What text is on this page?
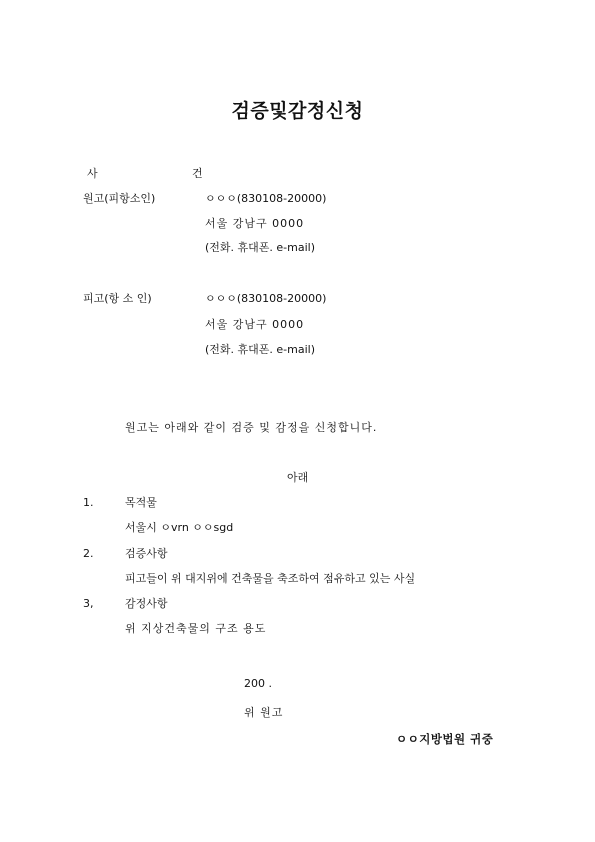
검증및감정신청
사	건
원고(피항소인)	ㅇㅇㅇ(830108-20000)
서울 강남구 0000
(전화. 휴대폰. e-mail)
피고(항 소 인)	ㅇㅇㅇ(830108-20000)
서울 강남구 0000
(전화. 휴대폰. e-mail)
원고는 아래와 같이 검증 및 감정을 신청합니다.
아래
1.	목적물
서울시 ㅇvrn ㅇㅇsgd
2.	검증사항
피고들이 위 대지위에 건축물을 축조하여 점유하고 있는 사실
3,	감정사항
위 지상건축물의 구조 용도
200 .
위 원고
ㅇㅇ지방법원 귀중
